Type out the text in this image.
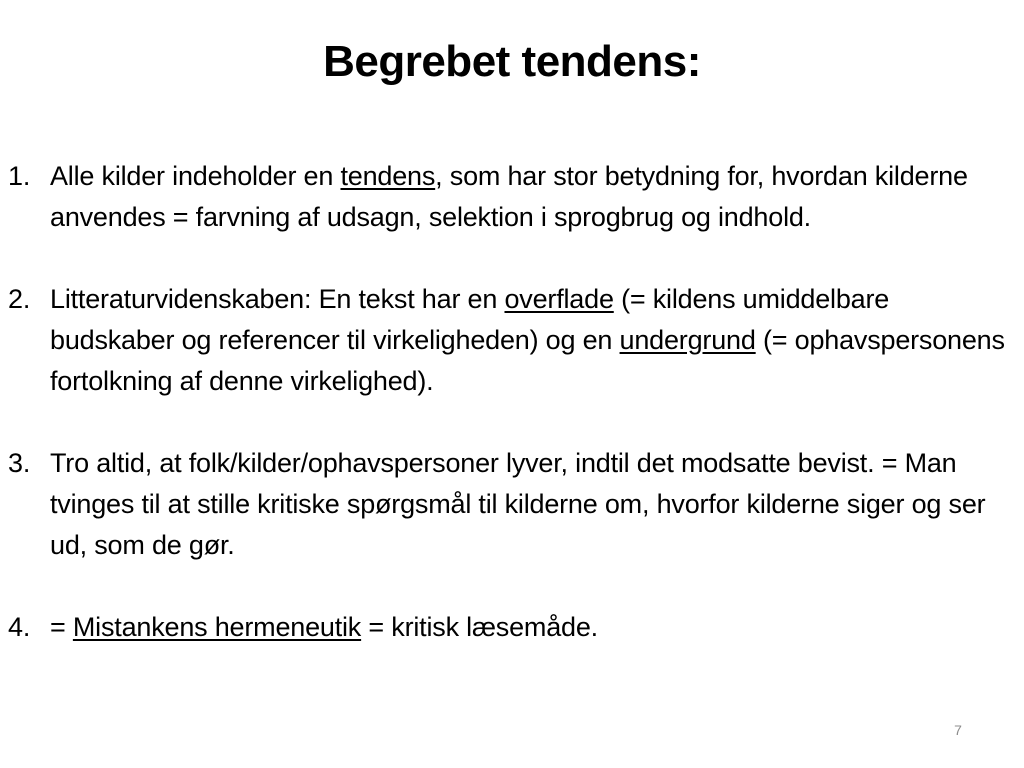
Begrebet tendens:
1. Alle kilder indeholder en tendens, som har stor betydning for, hvordan kilderne anvendes = farvning af udsagn, selektion i sprogbrug og indhold.
2. Litteraturvidenskaben: En tekst har en overflade (= kildens umiddelbare budskaber og referencer til virkeligheden) og en undergrund (= ophavspersonens fortolkning af denne virkelighed).
3. Tro altid, at folk/kilder/ophavspersoner lyver, indtil det modsatte bevist. = Man tvinges til at stille kritiske spørgsmål til kilderne om, hvorfor kilderne siger og ser ud, som de gør.
4. = Mistankens hermeneutik = kritisk læsemåde.
7
